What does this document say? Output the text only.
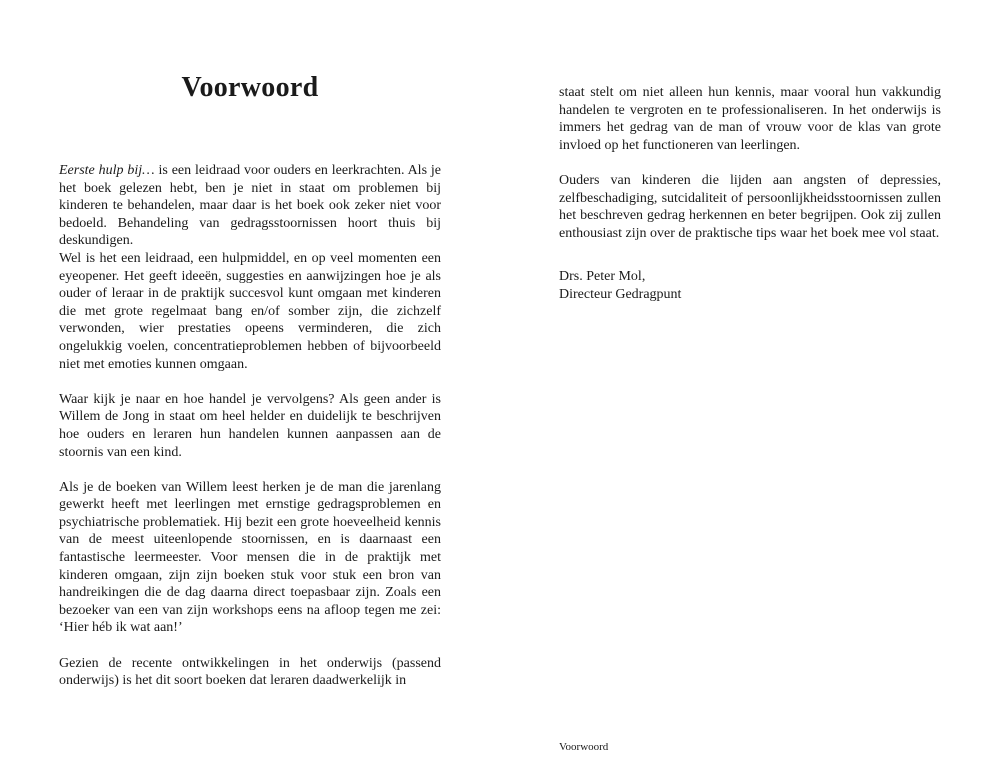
Voorwoord

Eerste hulp bij… is een leidraad voor ouders en leerkrachten. Als je het boek gelezen hebt, ben je niet in staat om problemen bij kinderen te behandelen, maar daar is het boek ook zeker niet voor bedoeld. Behandeling van gedragsstoornissen hoort thuis bij deskundigen.

Wel is het een leidraad, een hulpmiddel, en op veel momenten een eyeopener. Het geeft ideeën, suggesties en aanwijzingen hoe je als ouder of leraar in de praktijk succesvol kunt omgaan met kinderen die met grote regelmaat bang en/of somber zijn, die zichzelf verwonden, wier prestaties opeens verminderen, die zich ongelukkig voelen, concentratieproblemen hebben of bijvoorbeeld niet met emoties kunnen omgaan.

Waar kijk je naar en hoe handel je vervolgens? Als geen ander is Willem de Jong in staat om heel helder en duidelijk te beschrijven hoe ouders en leraren hun handelen kunnen aanpassen aan de stoornis van een kind.

Als je de boeken van Willem leest herken je de man die jarenlang gewerkt heeft met leerlingen met ernstige gedragsproblemen en psychiatrische problematiek. Hij bezit een grote hoeveelheid kennis van de meest uiteenlopende stoornissen, en is daarnaast een fantastische leermeester. Voor mensen die in de praktijk met kinderen omgaan, zijn zijn boeken stuk voor stuk een bron van handreikingen die de dag daarna direct toepasbaar zijn. Zoals een bezoeker van een van zijn workshops eens na afloop tegen me zei: ‘Hier héb ik wat aan!’

Gezien de recente ontwikkelingen in het onderwijs (passend onderwijs) is het dit soort boeken dat leraren daadwerkelijk in

staat stelt om niet alleen hun kennis, maar vooral hun vakkundig handelen te vergroten en te professionaliseren. In het onderwijs is immers het gedrag van de man of vrouw voor de klas van grote invloed op het functioneren van leerlingen.

Ouders van kinderen die lijden aan angsten of depressies, zelfbeschadiging, sutcidaliteit of persoonlijkheidsstoornissen zullen het beschreven gedrag herkennen en beter begrijpen. Ook zij zullen enthousiast zijn over de praktische tips waar het boek mee vol staat.

Drs. Peter Mol,
Directeur Gedragpunt
Voorwoord
